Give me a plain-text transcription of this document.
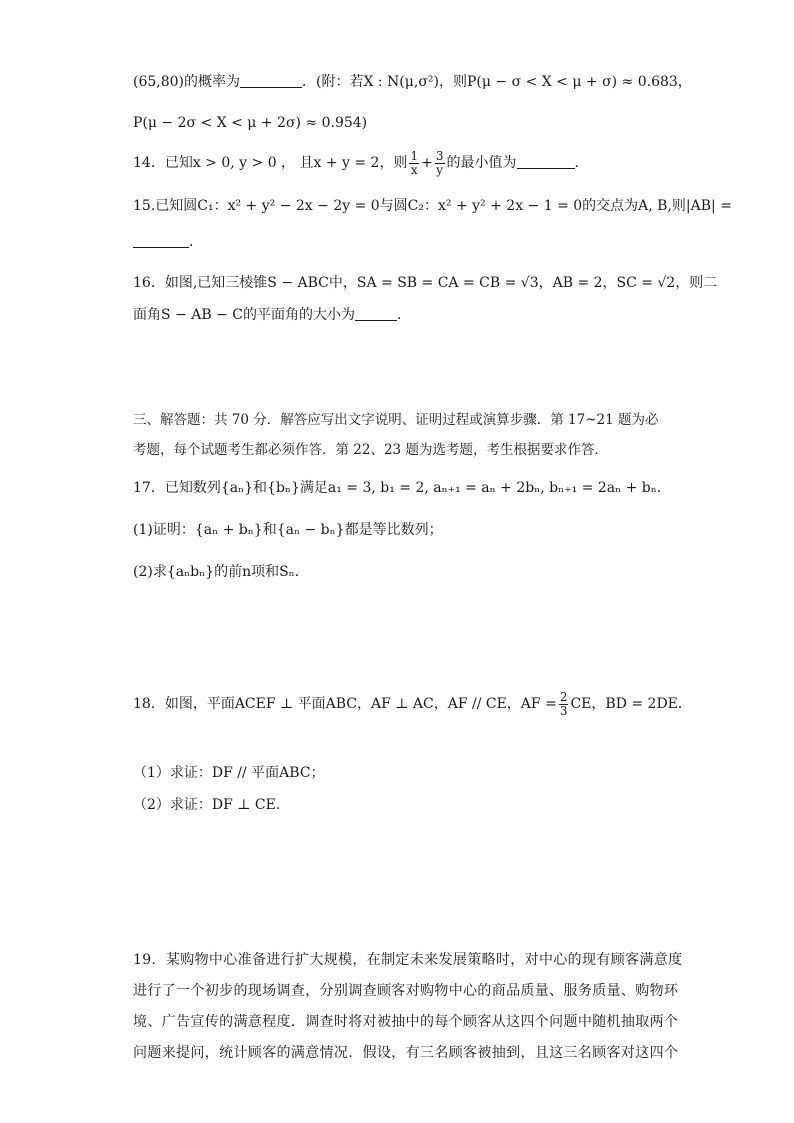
(65,80)的概率为	．(附：若X : N(μ,σ²)，则P(μ − σ < X < μ + σ) ≈ 0.683，
P(μ − 2σ < X < μ + 2σ) ≈ 0.954)
14．已知x > 0, y > 0 ， 且x + y = 2，则 $\frac{1}{x} + \frac{3}{y}$ 的最小值为	．
15.已知圆C₁：x² + y² − 2x − 2y = 0与圆C₂：x² + y² + 2x − 1 = 0的交点为A, B,则|AB| =
．
16．如图,已知三棱锥S − ABC中，SA = SB = CA = CB = √3，AB = 2，SC = √2，则二
面角S − AB − C的平面角的大小为	．
三、解答题：共 70 分．解答应写出文字说明、证明过程或演算步骤．第 17~21 题为必
考题，每个试题考生都必须作答．第 22、23 题为选考题，考生根据要求作答．
17．已知数列{aₙ}和{bₙ}满足a₁ = 3, b₁ = 2, aₙ₊₁ = aₙ + 2bₙ, bₙ₊₁ = 2aₙ + bₙ．
(1)证明：{aₙ + bₙ}和{aₙ − bₙ}都是等比数列；
(2)求{aₙbₙ}的前n项和Sₙ．
18．如图，平面ACEF ⊥ 平面ABC，AF ⊥ AC，AF // CE，AF = $\frac{2}{3}$ CE，BD = 2DE．
（1）求证：DF // 平面ABC；
（2）求证：DF ⊥ CE．
19．某购物中心准备进行扩大规模，在制定未来发展策略时，对中心的现有顾客满意度
进行了一个初步的现场调查，分别调查顾客对购物中心的商品质量、服务质量、购物环
境、广告宣传的满意程度．调查时将对被抽中的每个顾客从这四个问题中随机抽取两个
问题来提问，统计顾客的满意情况．假设，有三名顾客被抽到，且这三名顾客对这四个
